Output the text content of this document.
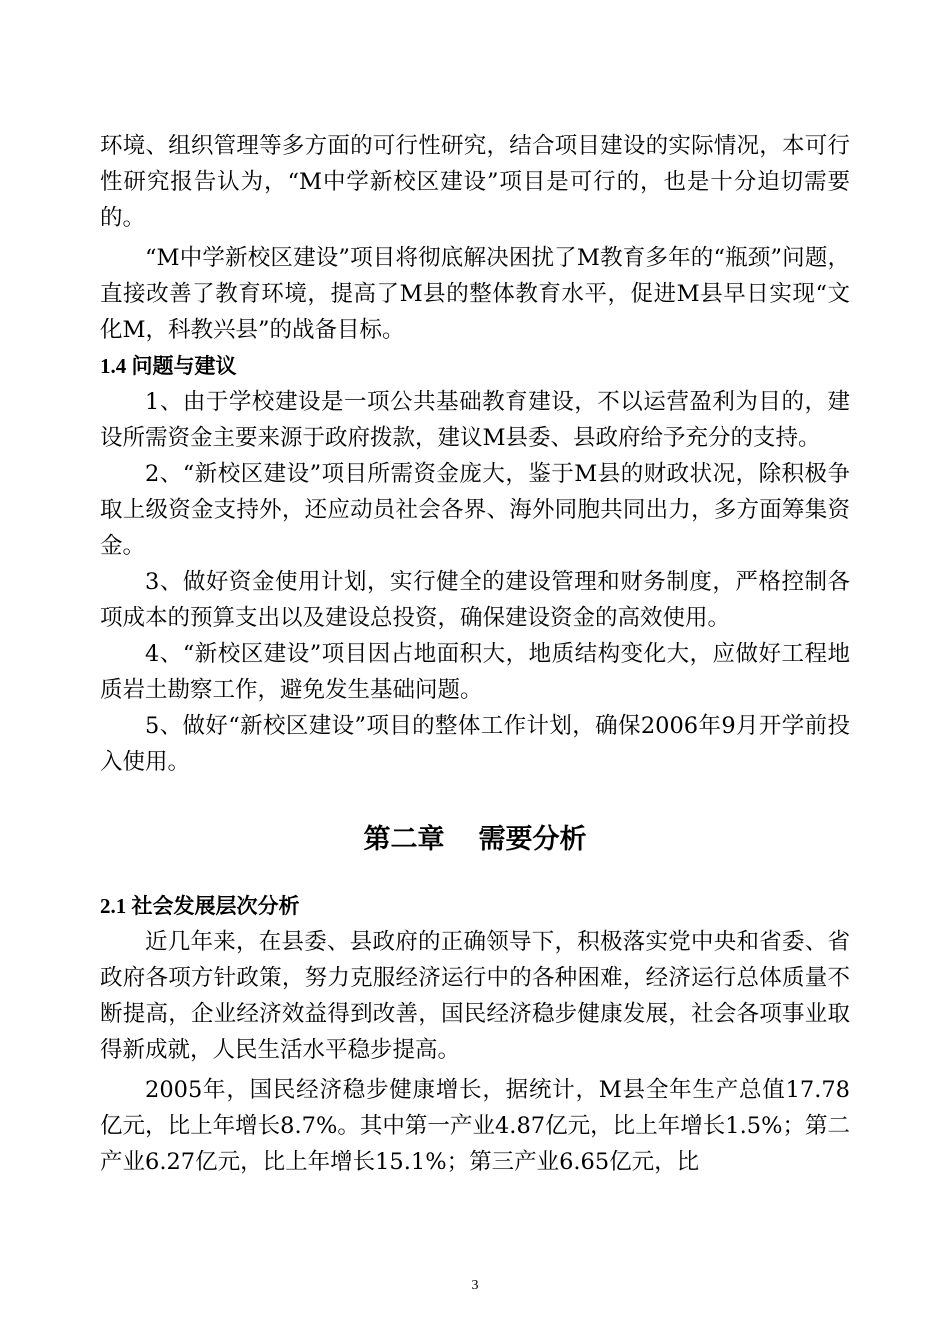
环境、组织管理等多方面的可行性研究，结合项目建设的实际情况，本可行性研究报告认为，“M中学新校区建设”项目是可行的，也是十分迫切需要的。

“M中学新校区建设”项目将彻底解决困扰了M教育多年的“瓶颈”问题，直接改善了教育环境，提高了M县的整体教育水平，促进M县早日实现“文化M，科教兴县”的战备目标。

1.4 问题与建议

1、由于学校建设是一项公共基础教育建设，不以运营盈利为目的，建设所需资金主要来源于政府拨款，建议M县委、县政府给予充分的支持。

2、“新校区建设”项目所需资金庞大，鉴于M县的财政状况，除积极争取上级资金支持外，还应动员社会各界、海外同胞共同出力，多方面筹集资金。

3、做好资金使用计划，实行健全的建设管理和财务制度，严格控制各项成本的预算支出以及建设总投资，确保建设资金的高效使用。

4、“新校区建设”项目因占地面积大，地质结构变化大，应做好工程地质岩土勘察工作，避免发生基础问题。

5、做好“新校区建设”项目的整体工作计划，确保2006年9月开学前投入使用。

第二章 需要分析
2.1 社会发展层次分析

近几年来，在县委、县政府的正确领导下，积极落实党中央和省委、省政府各项方针政策，努力克服经济运行中的各种困难，经济运行总体质量不断提高，企业经济效益得到改善，国民经济稳步健康发展，社会各项事业取得新成就，人民生活水平稳步提高。

2005年，国民经济稳步健康增长，据统计，M县全年生产总值17.78亿元，比上年增长8.7%。其中第一产业4.87亿元，比上年增长1.5%；第二产业6.27亿元，比上年增长15.1%；第三产业6.65亿元，比

3
